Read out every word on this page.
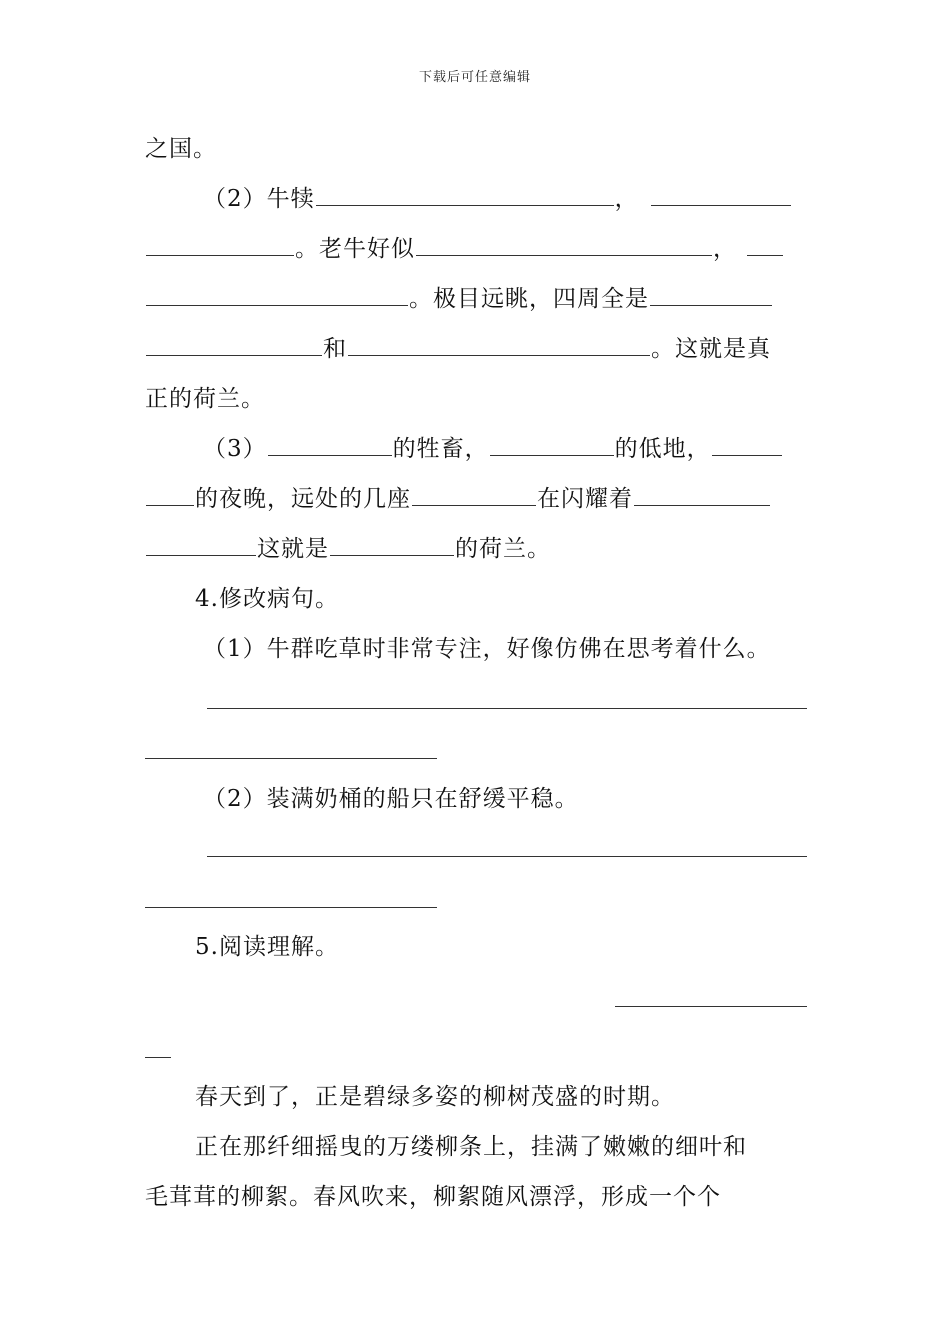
下载后可任意编辑
之国。
（2）牛犊	，
。老牛好似	，
。极目远眺，四周全是
和	。这就是真
正的荷兰。
（3）	的牲畜，	的低地，
的夜晚，远处的几座	在闪耀着
这就是	的荷兰。
4.修改病句。
（1）牛群吃草时非常专注，好像仿佛在思考着什么。
（2）装满奶桶的船只在舒缓平稳。
5.阅读理解。
春天到了，正是碧绿多姿的柳树茂盛的时期。
正在那纤细摇曳的万缕柳条上，挂满了嫩嫩的细叶和
毛茸茸的柳絮。春风吹来，柳絮随风漂浮，形成一个个
